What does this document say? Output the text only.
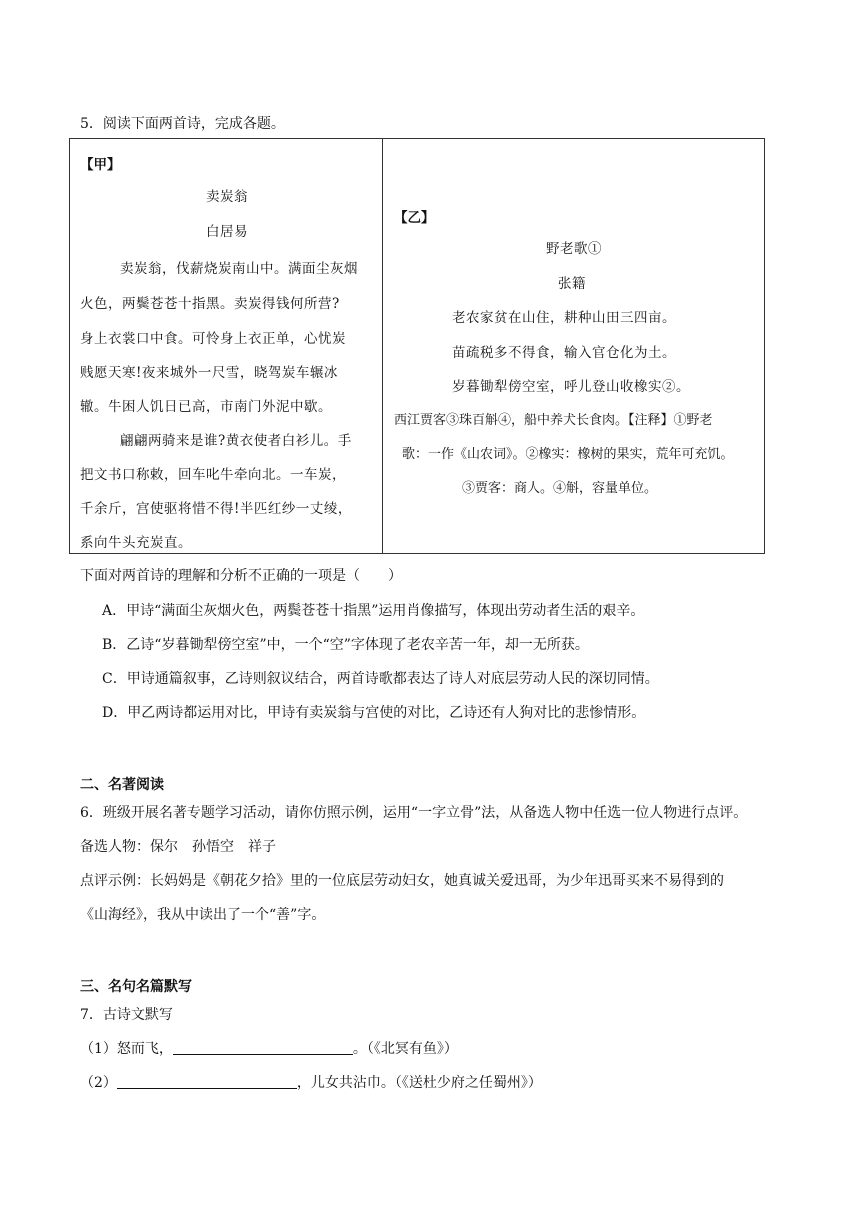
5．阅读下面两首诗，完成各题。
【甲】
卖炭翁
白居易
卖炭翁，伐薪烧炭南山中。满面尘灰烟
火色，两鬓苍苍十指黑。卖炭得钱何所营?
身上衣裳口中食。可怜身上衣正单，心忧炭
贱愿天寒!夜来城外一尺雪，晓驾炭车辗冰
辙。牛困人饥日已高，市南门外泥中歇。
翩翩两骑来是谁?黄衣使者白衫儿。手
把文书口称敕，回车叱牛牵向北。一车炭，
千余斤，宫使驱将惜不得!半匹红纱一丈绫，
系向牛头充炭直。
【乙】
野老歌①
张籍
老农家贫在山住，耕种山田三四亩。
苗疏税多不得食，输入官仓化为土。
岁暮锄犁傍空室，呼儿登山收橡实②。
西江贾客③珠百斛④，船中养犬长食肉。【注释】①野老
歌：一作《山农词》。②橡实：橡树的果实，荒年可充饥。
③贾客：商人。④斛，容量单位。
下面对两首诗的理解和分析不正确的一项是（　　）
A．甲诗“满面尘灰烟火色，两鬓苍苍十指黑”运用肖像描写，体现出劳动者生活的艰辛。
B．乙诗“岁暮锄犁傍空室”中，一个“空”字体现了老农辛苦一年，却一无所获。
C．甲诗通篇叙事，乙诗则叙议结合，两首诗歌都表达了诗人对底层劳动人民的深切同情。
D．甲乙两诗都运用对比，甲诗有卖炭翁与宫使的对比，乙诗还有人狗对比的悲惨情形。
二、名著阅读
6．班级开展名著专题学习活动，请你仿照示例，运用“一字立骨”法，从备选人物中任选一位人物进行点评。
备选人物：保尔　孙悟空　祥子
点评示例：长妈妈是《朝花夕拾》里的一位底层劳动妇女，她真诚关爱迅哥，为少年迅哥买来不易得到的
《山海经》，我从中读出了一个“善”字。
三、名句名篇默写
7．古诗文默写
（1）怒而飞，	。（《北冥有鱼》）
（2）	，儿女共沾巾。（《送杜少府之任蜀州》）
